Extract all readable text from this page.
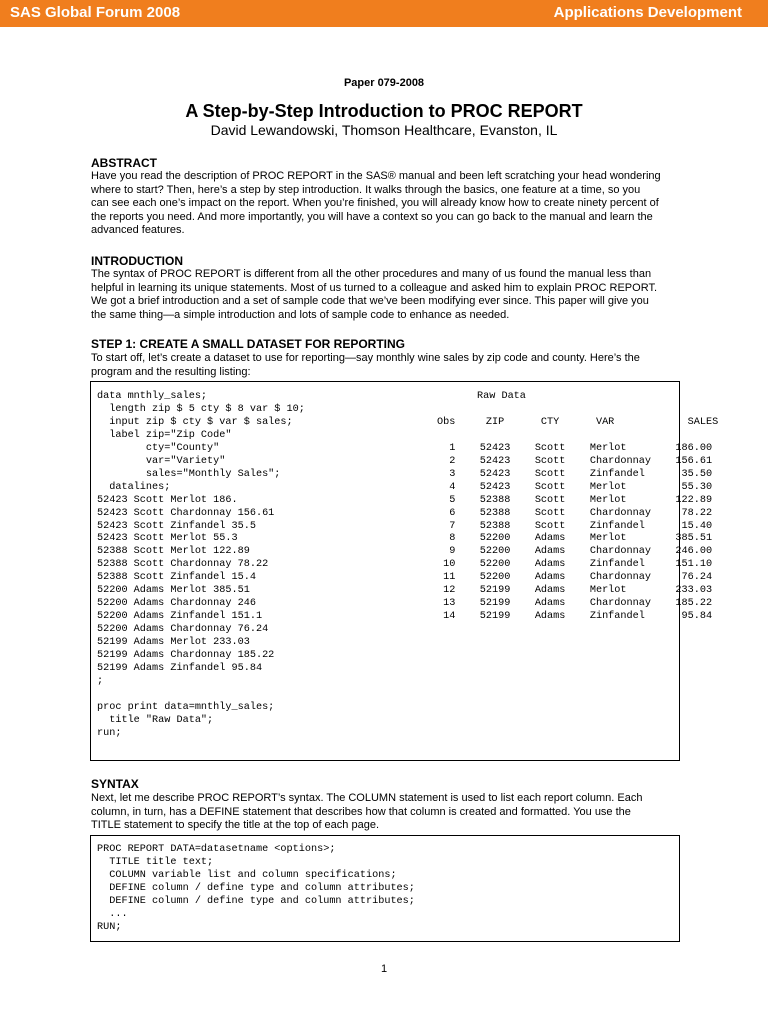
SAS Global Forum 2008	Applications Development
Paper 079-2008
A Step-by-Step Introduction to PROC REPORT
David Lewandowski, Thomson Healthcare, Evanston, IL
ABSTRACT
Have you read the description of PROC REPORT in the SAS® manual and been left scratching your head wondering
where to start? Then, here’s a step by step introduction. It walks through the basics, one feature at a time, so you
can see each one’s impact on the report. When you’re finished, you will already know how to create ninety percent of
the reports you need. And more importantly, you will have a context so you can go back to the manual and learn the
advanced features.
INTRODUCTION
The syntax of PROC REPORT is different from all the other procedures and many of us found the manual less than
helpful in learning its unique statements. Most of us turned to a colleague and asked him to explain PROC REPORT.
We got a brief introduction and a set of sample code that we’ve been modifying ever since. This paper will give you
the same thing—a simple introduction and lots of sample code to enhance as needed.
STEP 1: CREATE A SMALL DATASET FOR REPORTING
To start off, let’s create a dataset to use for reporting—say monthly wine sales by zip code and county. Here’s the
program and the resulting listing:
data mnthly_sales;
length zip $ 5 cty $ 8 var $ 10;
input zip $ cty $ var $ sales;
label zip="Zip Code"
cty="County"
var="Variety"
sales="Monthly Sales";
datalines;
52423 Scott Merlot 186.
52423 Scott Chardonnay 156.61
52423 Scott Zinfandel 35.5
52423 Scott Merlot 55.3
52388 Scott Merlot 122.89
52388 Scott Chardonnay 78.22
52388 Scott Zinfandel 15.4
52200 Adams Merlot 385.51
52200 Adams Chardonnay 246
52200 Adams Zinfandel 151.1
52200 Adams Chardonnay 76.24
52199 Adams Merlot 233.03
52199 Adams Chardonnay 185.22
52199 Adams Zinfandel 95.84
;

proc print data=mnthly_sales;
title "Raw Data";
run;

Obs     ZIP      CTY      VAR            SALES

1    52423    Scott    Merlot        186.00
2    52423    Scott    Chardonnay    156.61
3    52423    Scott    Zinfandel      35.50
4    52423    Scott    Merlot         55.30
5    52388    Scott    Merlot        122.89
6    52388    Scott    Chardonnay     78.22
7    52388    Scott    Zinfandel      15.40
8    52200    Adams    Merlot        385.51
9    52200    Adams    Chardonnay    246.00
10    52200    Adams    Zinfandel     151.10
11    52200    Adams    Chardonnay     76.24
12    52199    Adams    Merlot        233.03
13    52199    Adams    Chardonnay    185.22
14    52199    Adams    Zinfandel      95.84
Raw Data
SYNTAX
Next, let me describe PROC REPORT’s syntax. The COLUMN statement is used to list each report column. Each
column, in turn, has a DEFINE statement that describes how that column is created and formatted. You use the
TITLE statement to specify the title at the top of each page.
PROC REPORT DATA=datasetname <options>;
TITLE title text;
COLUMN variable list and column specifications;
DEFINE column / define type and column attributes;
DEFINE column / define type and column attributes;
...
RUN;
1
